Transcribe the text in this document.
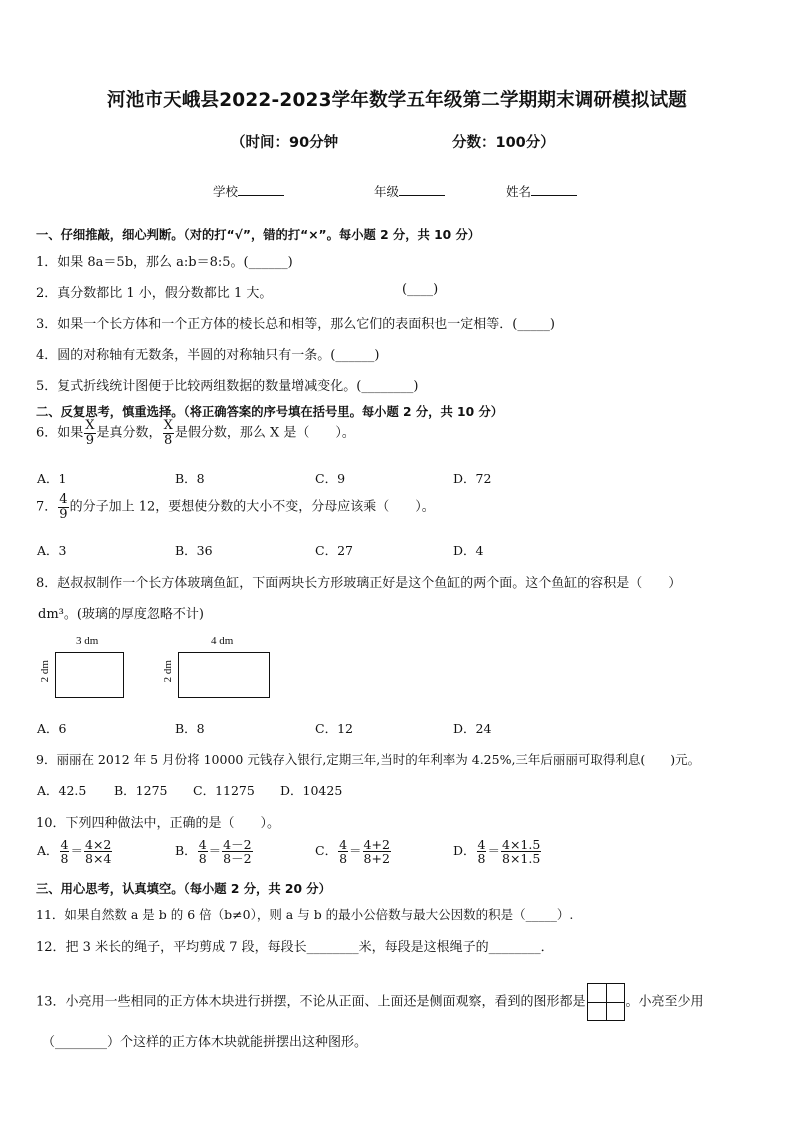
河池市天峨县2022-2023学年数学五年级第二学期期末调研模拟试题
（时间：90分钟	分数：100分）
学校	年级	姓名
一、仔细推敲，细心判断。（对的打“√”，错的打“×”。每小题 2 分，共 10 分）
1．如果 8a＝5b，那么 a:b＝8:5。(______)
2．真分数都比 1 小，假分数都比 1 大。	(____)
3．如果一个长方体和一个正方体的棱长总和相等，那么它们的表面积也一定相等．(_____)
4．圆的对称轴有无数条，半圆的对称轴只有一条。(______)
5．复式折线统计图便于比较两组数据的数量增减变化。(________)
二、反复思考，慎重选择。（将正确答案的序号填在括号里。每小题 2 分，共 10 分）
6．如果 $\frac{X}{9}$ 是真分数， $\frac{X}{8}$ 是假分数，那么 X 是（　　）。
A．1	B．8	C．9	D．72
7． $\frac{4}{9}$ 的分子加上 12，要想使分数的大小不变，分母应该乘（　　）。
A．3	B．36	C．27	D．4
8．赵叔叔制作一个长方体玻璃鱼缸，下面两块长方形玻璃正好是这个鱼缸的两个面。这个鱼缸的容积是（　　）
dm³。(玻璃的厚度忽略不计)
3 dm
2 dm
4 dm
2 dm
A．6	B．8	C．12	D．24
9．丽丽在 2012 年 5 月份将 10000 元钱存入银行,定期三年,当时的年利率为 4.25%,三年后丽丽可取得利息(　　)元。
A．42.5 B．1275 C．11275 D．10425
10．下列四种做法中，正确的是（　　）。
A． $\frac{4}{8} = \frac{4\times 2}{8\times 4}$	B． $\frac{4}{8} = \frac{4-2}{8-2}$	C． $\frac{4}{8} = \frac{4+2}{8+2}$	D． $\frac{4}{8} = \frac{4\times 1.5}{8\times 1.5}$
三、用心思考，认真填空。（每小题 2 分，共 20 分）
11．如果自然数 a 是 b 的 6 倍（b≠0），则 a 与 b 的最小公倍数与最大公因数的积是（_____）.
12．把 3 米长的绳子，平均剪成 7 段，每段长________米，每段是这根绳子的________．
13．小亮用一些相同的正方体木块进行拼摆，不论从正面、上面还是侧面观察，看到的图形都是	。小亮至少用
（________）个这样的正方体木块就能拼摆出这种图形。
